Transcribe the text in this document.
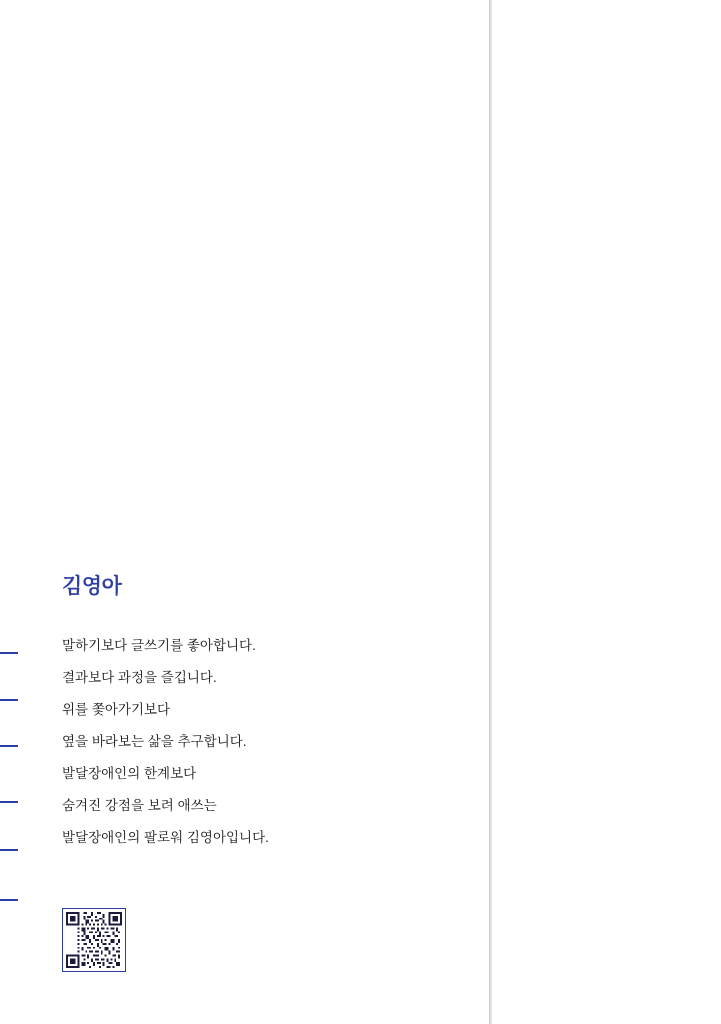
김영아
말하기보다 글쓰기를 좋아합니다.
결과보다 과정을 즐깁니다.
위를 쫓아가기보다
옆을 바라보는 삶을 추구합니다.
발달장애인의 한계보다
숨겨진 강점을 보려 애쓰는
발달장애인의 팔로워 김영아입니다.
